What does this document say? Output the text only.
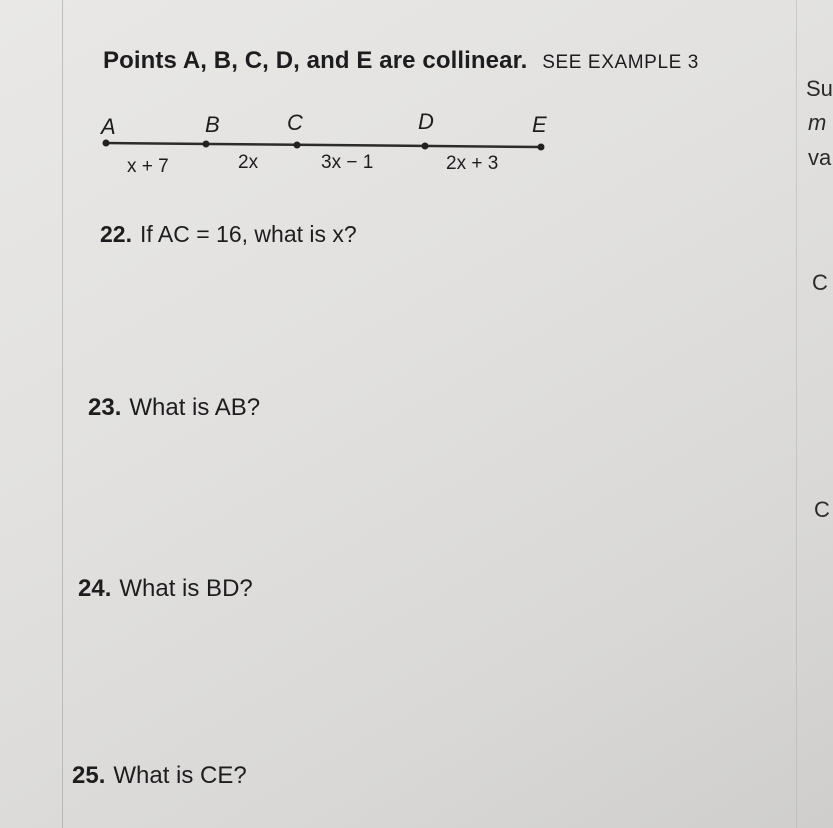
Points A, B, C, D, and E are collinear. SEE EXAMPLE 3
A	B	C	D	E
x + 7	2x	3x − 1	2x + 3
22. If AC = 16, what is x?
23. What is AB?
24. What is BD?
25. What is CE?
Su
m
va
C
C
